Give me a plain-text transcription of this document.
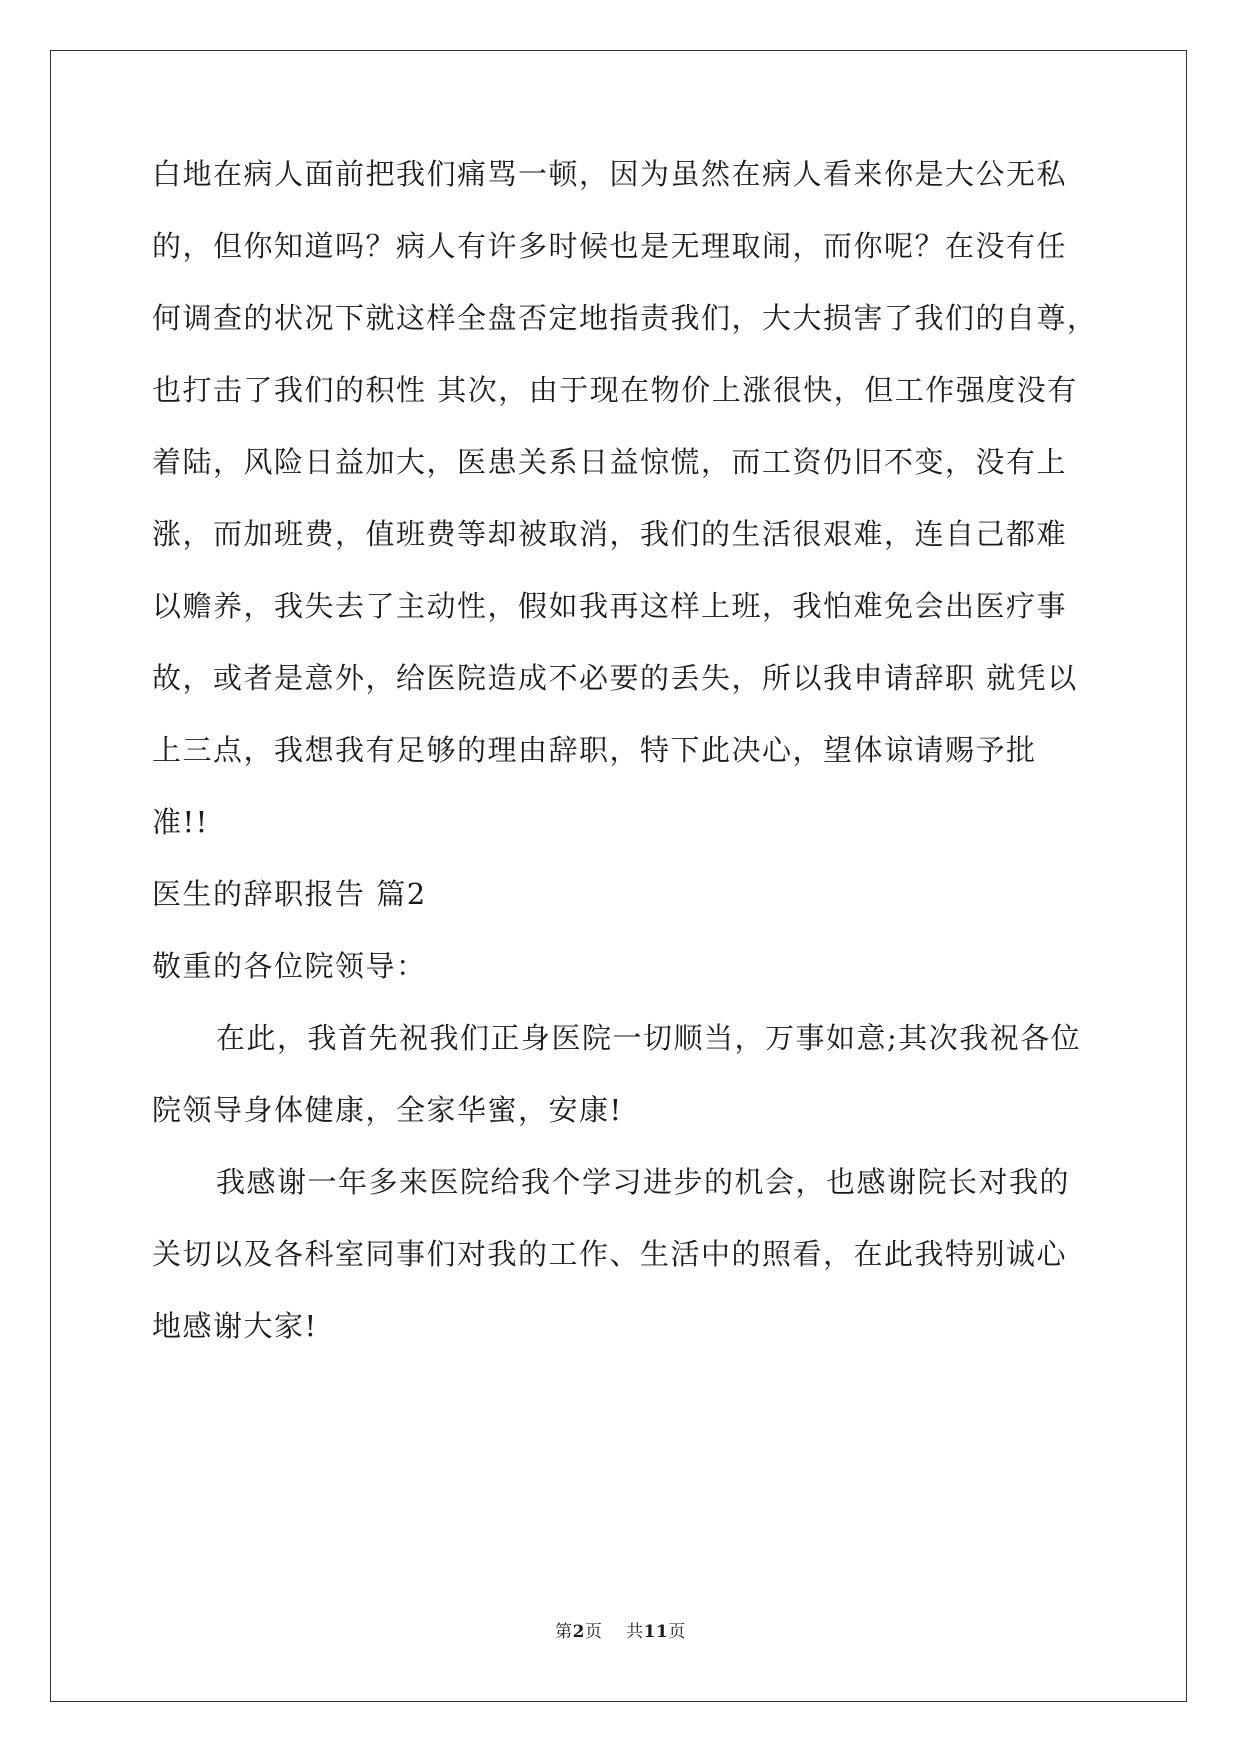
白地在病人面前把我们痛骂一顿，因为虽然在病人看来你是大公无私
的，但你知道吗？病人有许多时候也是无理取闹，而你呢？在没有任
何调查的状况下就这样全盘否定地指责我们，大大损害了我们的自尊，
也打击了我们的积性 其次，由于现在物价上涨很快，但工作强度没有
着陆，风险日益加大，医患关系日益惊慌，而工资仍旧不变，没有上
涨，而加班费，值班费等却被取消，我们的生活很艰难，连自己都难
以赡养，我失去了主动性，假如我再这样上班，我怕难免会出医疗事
故，或者是意外，给医院造成不必要的丢失，所以我申请辞职 就凭以
上三点，我想我有足够的理由辞职，特下此决心，望体谅请赐予批
准!!
医生的辞职报告 篇2
敬重的各位院领导：
在此，我首先祝我们正身医院一切顺当，万事如意;其次我祝各位
院领导身体健康，全家华蜜，安康!
我感谢一年多来医院给我个学习进步的机会，也感谢院长对我的
关切以及各科室同事们对我的工作、生活中的照看，在此我特别诚心
地感谢大家!
第2页 共11页
